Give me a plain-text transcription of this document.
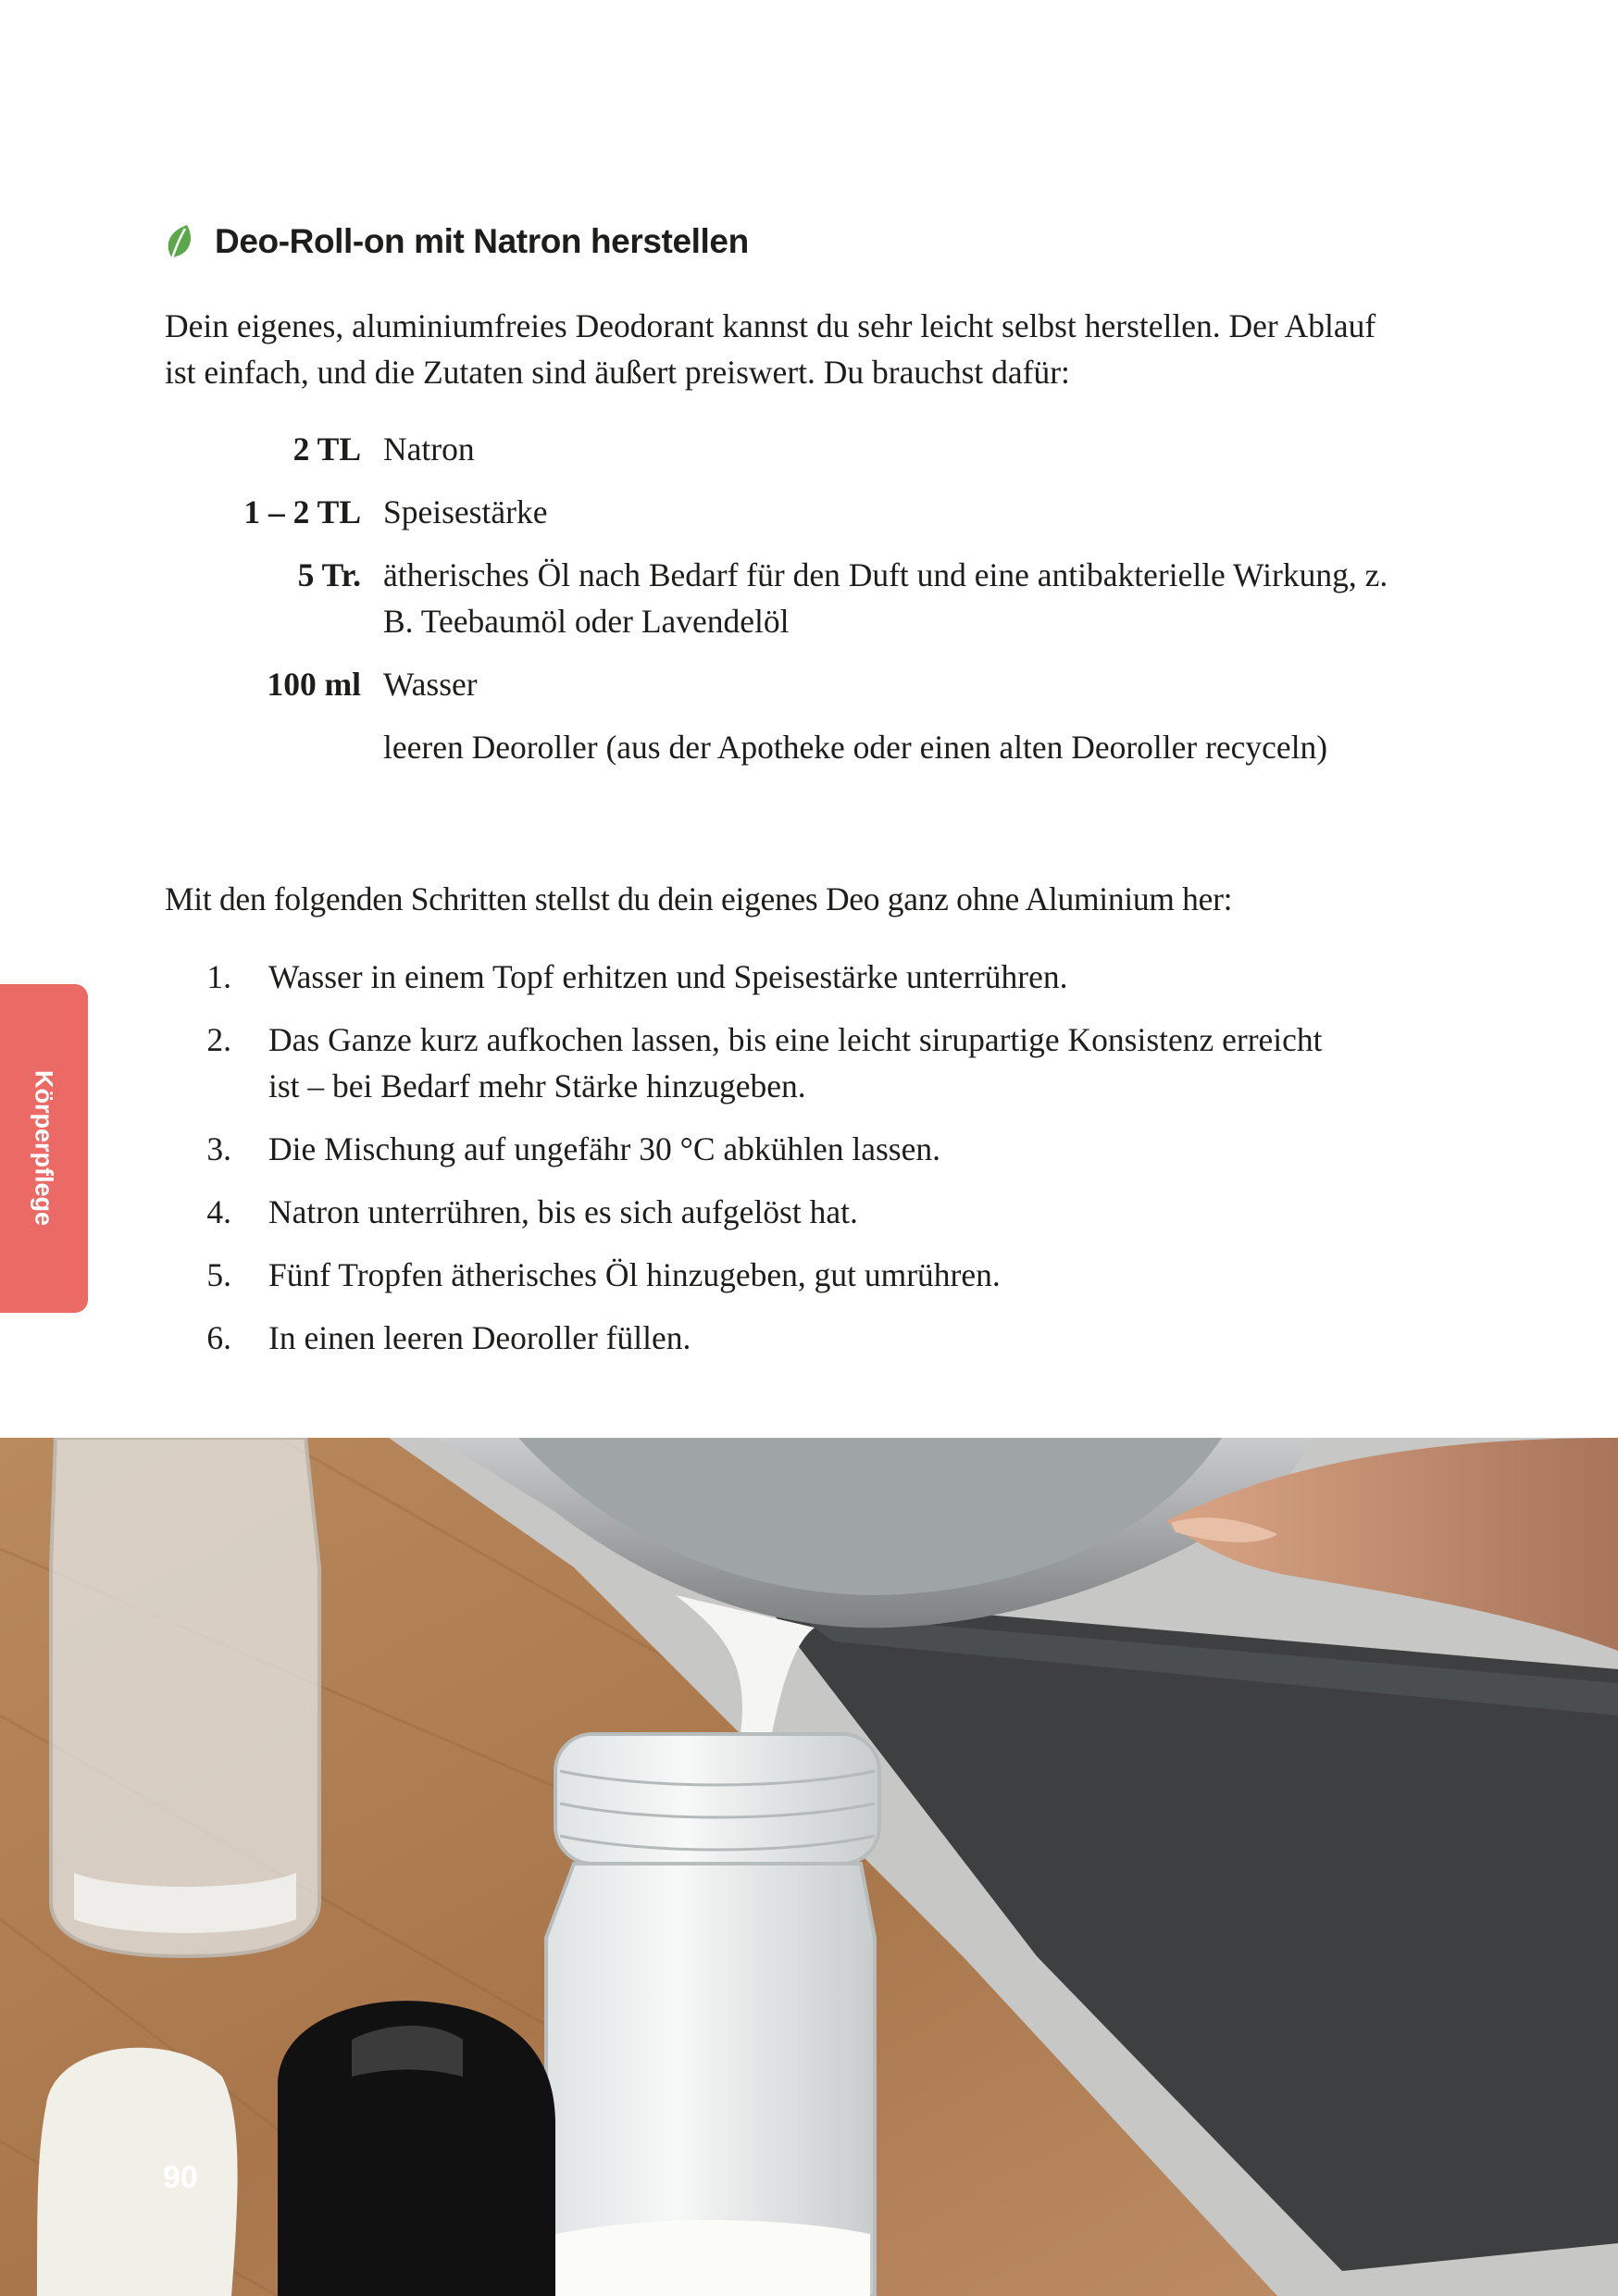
Deo-Roll-on mit Natron herstellen

Dein eigenes, aluminiumfreies Deodorant kannst du sehr leicht selbst herstellen. Der Ablauf ist einfach, und die Zutaten sind äußert preiswert. Du brauchst dafür:

2 TL Natron
1 – 2 TL Speisestärke
5 Tr. ätherisches Öl nach Bedarf für den Duft und eine antibakterielle Wirkung, z. B. Teebaumöl oder Lavendelöl
100 ml Wasser
leeren Deoroller (aus der Apotheke oder einen alten Deoroller recyceln)

Mit den folgenden Schritten stellst du dein eigenes Deo ganz ohne Aluminium her:

1.	Wasser in einem Topf erhitzen und Speisestärke unterrühren.
2.	Das Ganze kurz aufkochen lassen, bis eine leicht sirupartige Konsistenz erreicht ist – bei Bedarf mehr Stärke hinzugeben.
3.	Die Mischung auf ungefähr 30 °C abkühlen lassen.
4.	Natron unterrühren, bis es sich aufgelöst hat.
5.	Fünf Tropfen ätherisches Öl hinzugeben, gut umrühren.
6.	In einen leeren Deoroller füllen.
Körperpflege
90
